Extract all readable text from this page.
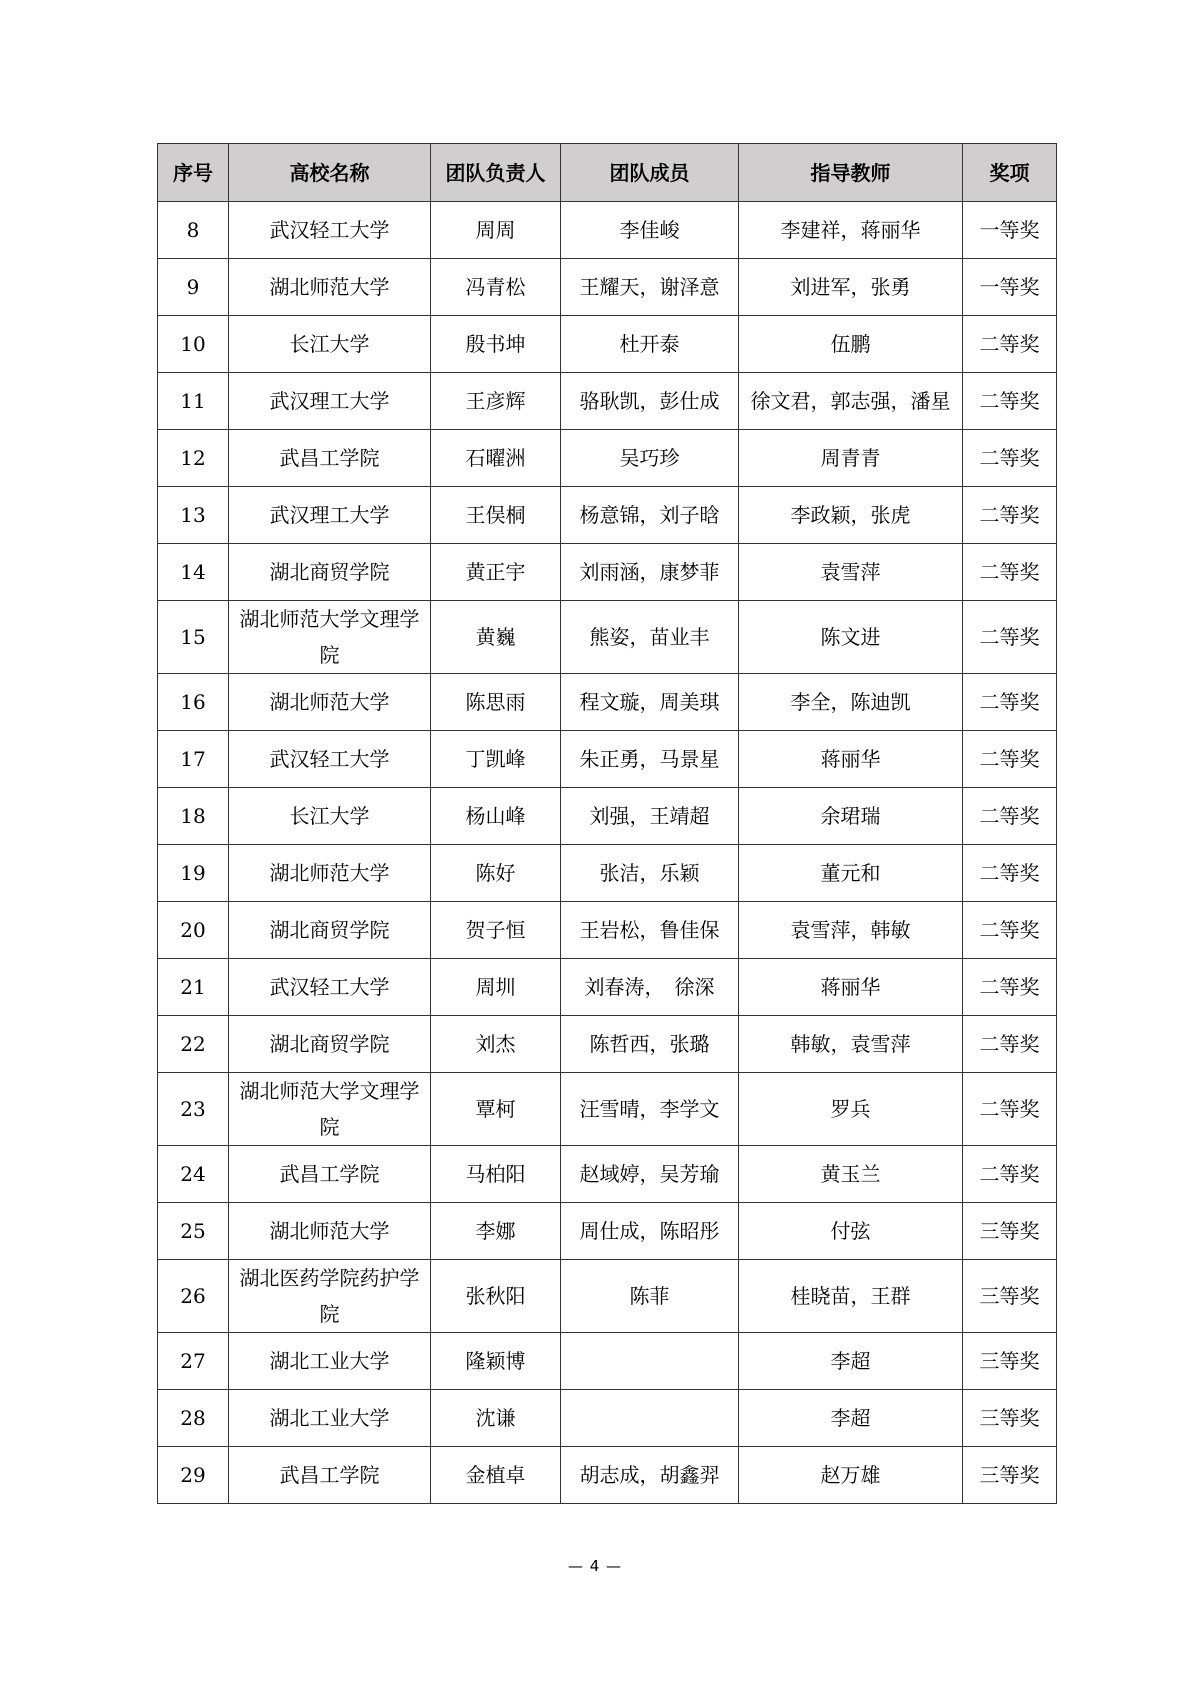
序号	高校名称	团队负责人	团队成员	指导教师	奖项
8	武汉轻工大学	周周	李佳峻	李建祥，蒋丽华	一等奖
9	湖北师范大学	冯青松	王耀天，谢泽意	刘进军，张勇	一等奖
10	长江大学	殷书坤	杜开泰	伍鹏	二等奖
11	武汉理工大学	王彦辉	骆耿凯，彭仕成	徐文君，郭志强，潘星	二等奖
12	武昌工学院	石曜洲	吴巧珍	周青青	二等奖
13	武汉理工大学	王俣桐	杨意锦，刘子晗	李政颖，张虎	二等奖
14	湖北商贸学院	黄正宇	刘雨涵，康梦菲	袁雪萍	二等奖
15	湖北师范大学文理学院	黄巍	熊姿，苗业丰	陈文进	二等奖
16	湖北师范大学	陈思雨	程文璇，周美琪	李全，陈迪凯	二等奖
17	武汉轻工大学	丁凯峰	朱正勇，马景星	蒋丽华	二等奖
18	长江大学	杨山峰	刘强，王靖超	余珺瑞	二等奖
19	湖北师范大学	陈好	张洁，乐颖	董元和	二等奖
20	湖北商贸学院	贺子恒	王岩松，鲁佳保	袁雪萍，韩敏	二等奖
21	武汉轻工大学	周圳	刘春涛，　徐深	蒋丽华	二等奖
22	湖北商贸学院	刘杰	陈哲西，张璐	韩敏，袁雪萍	二等奖
23	湖北师范大学文理学院	覃柯	汪雪晴，李学文	罗兵	二等奖
24	武昌工学院	马柏阳	赵域婷，吴芳瑜	黄玉兰	二等奖
25	湖北师范大学	李娜	周仕成，陈昭彤	付弦	三等奖
26	湖北医药学院药护学院	张秋阳	陈菲	桂晓苗，王群	三等奖
27	湖北工业大学	隆颖博		李超	三等奖
28	湖北工业大学	沈谦		李超	三等奖
29	武昌工学院	金植卓	胡志成，胡鑫羿	赵万雄	三等奖
— 4 —
